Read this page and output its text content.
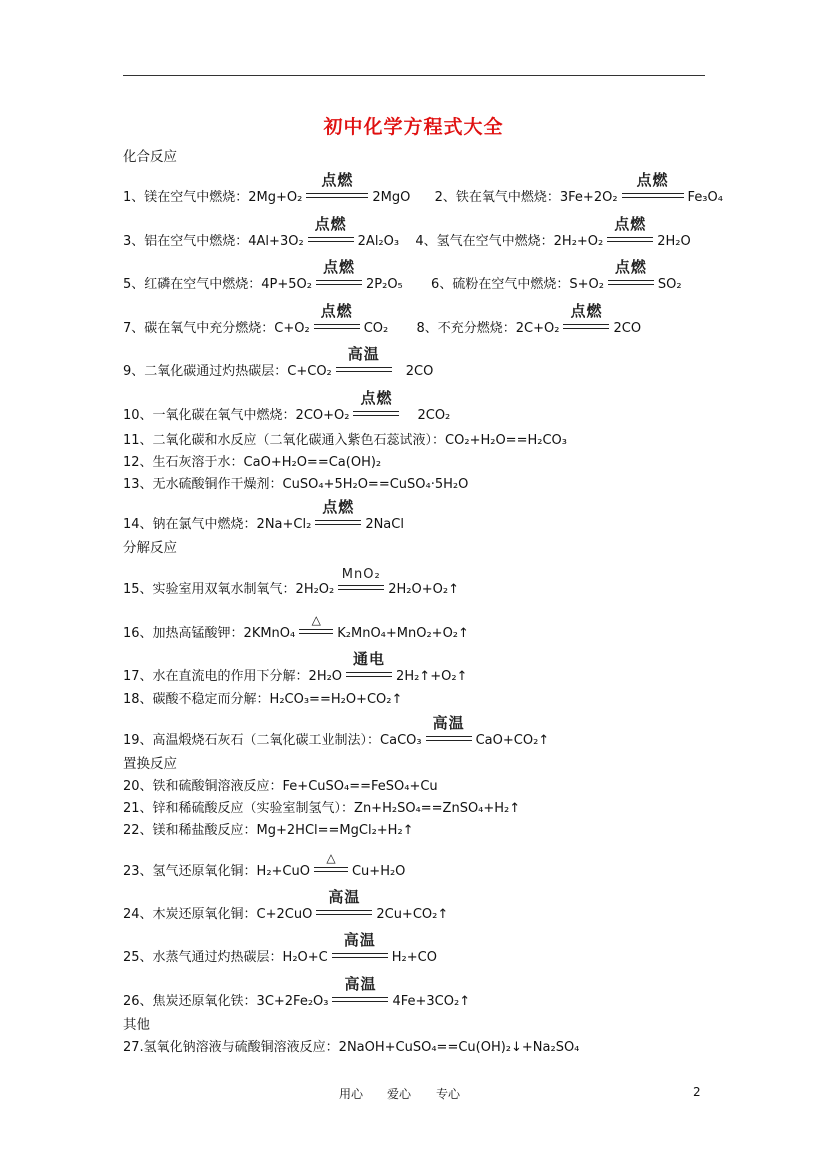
初中化学方程式大全
化合反应
1、镁在空气中燃烧：2Mg+O₂
点燃
2MgO 2、铁在氧气中燃烧：3Fe+2O₂
点燃
Fe₃O₄
3、铝在空气中燃烧：4Al+3O₂
点燃
2Al₂O₃ 4、氢气在空气中燃烧：2H₂+O₂
点燃
2H₂O
5、红磷在空气中燃烧：4P+5O₂
点燃
2P₂O₅ 6、硫粉在空气中燃烧：S+O₂
点燃
SO₂
7、碳在氧气中充分燃烧：C+O₂
点燃
CO₂ 8、不充分燃烧：2C+O₂
点燃
2CO
9、二氧化碳通过灼热碳层：C+CO₂
高温
2CO
10、一氧化碳在氧气中燃烧：2CO+O₂
点燃
2CO₂
11、二氧化碳和水反应（二氧化碳通入紫色石蕊试液）：CO₂+H₂O==H₂CO₃
12、生石灰溶于水：CaO+H₂O==Ca(OH)₂
13、无水硫酸铜作干燥剂：CuSO₄+5H₂O==CuSO₄·5H₂O
14、钠在氯气中燃烧：2Na+Cl₂
点燃
2NaCl
分解反应
15、实验室用双氧水制氧气：2H₂O₂
MnO₂
2H₂O+O₂↑
16、加热高锰酸钾：2KMnO₄
△
K₂MnO₄+MnO₂+O₂↑
17、水在直流电的作用下分解：2H₂O
通电
2H₂↑+O₂↑
18、碳酸不稳定而分解：H₂CO₃==H₂O+CO₂↑
19、高温煅烧石灰石（二氧化碳工业制法）：CaCO₃
高温
CaO+CO₂↑
置换反应
20、铁和硫酸铜溶液反应：Fe+CuSO₄==FeSO₄+Cu
21、锌和稀硫酸反应（实验室制氢气）：Zn+H₂SO₄==ZnSO₄+H₂↑
22、镁和稀盐酸反应：Mg+2HCl==MgCl₂+H₂↑
23、氢气还原氧化铜：H₂+CuO
△
Cu+H₂O
24、木炭还原氧化铜：C+2CuO
高温
2Cu+CO₂↑
25、水蒸气通过灼热碳层：H₂O+C
高温
H₂+CO
26、焦炭还原氧化铁：3C+2Fe₂O₃
高温
4Fe+3CO₂↑
其他
27.氢氧化钠溶液与硫酸铜溶液反应：2NaOH+CuSO₄==Cu(OH)₂↓+Na₂SO₄
用心 爱心 专心	2
